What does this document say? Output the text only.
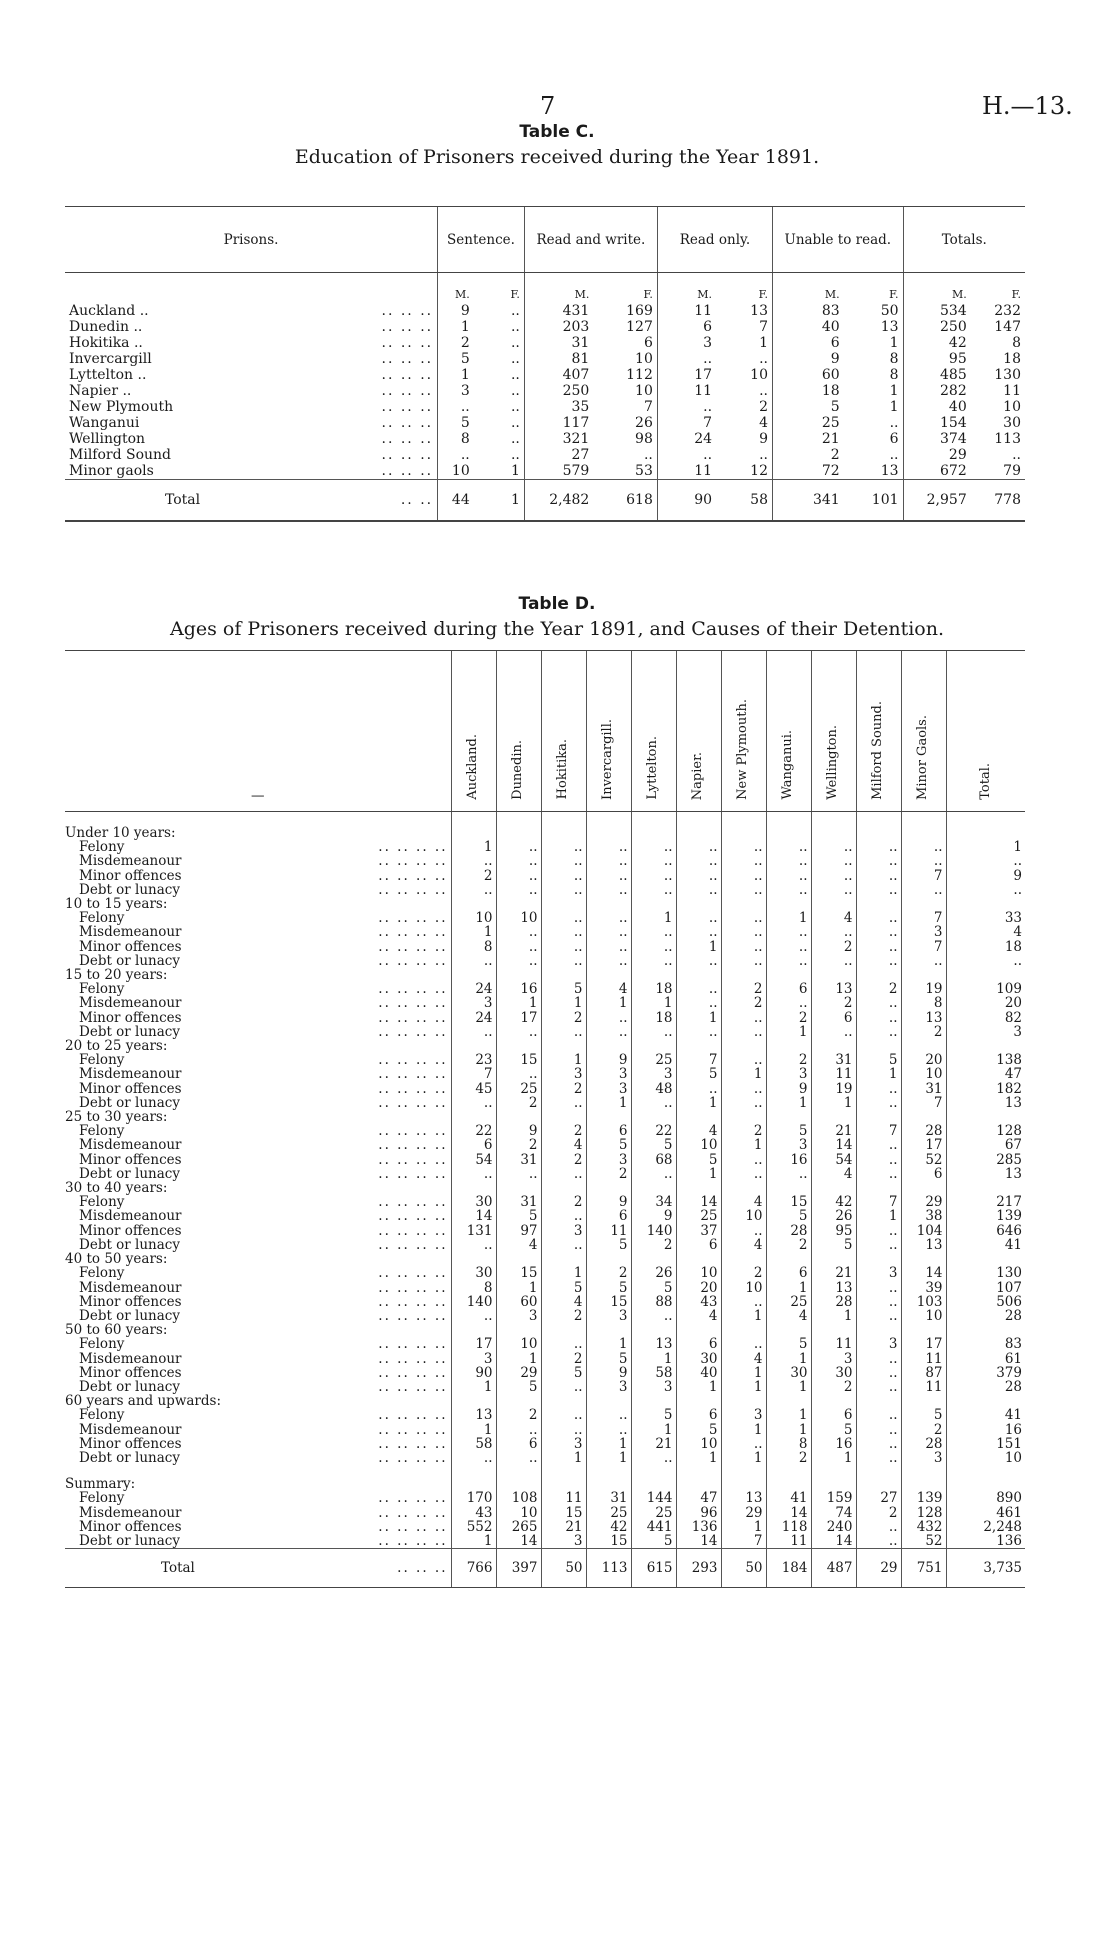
7	H.—13.
Table C.
Education of Prisoners received during the Year 1891.
Prisons.		Sentence.		Read and write.		Read only.		Unable to read.		Totals.	
		M.	F.	M.	F.	M.	F.	M.	F.	M.	F.
Auckland ..	.. .. ..	9	..	431	169	11	13	83	50	534	232
Dunedin ..	.. .. ..	1	..	203	127	6	7	40	13	250	147
Hokitika ..	.. .. ..	2	..	31	6	3	1	6	1	42	8
Invercargill	.. .. ..	5	..	81	10	..	..	9	8	95	18
Lyttelton ..	.. .. ..	1	..	407	112	17	10	60	8	485	130
Napier ..	.. .. ..	3	..	250	10	11	..	18	1	282	11
New Plymouth	.. .. ..	..	..	35	7	..	2	5	1	40	10
Wanganui	.. .. ..	5	..	117	26	7	4	25	..	154	30
Wellington	.. .. ..	8	..	321	98	24	9	21	6	374	113
Milford Sound	.. .. ..	..	..	27	..	..	..	2	..	29	..
Minor gaols	.. .. ..	10	1	579	53	11	12	72	13	672	79
Total	.. ..	44	1	2,482	618	90	58	341	101	2,957	778
Table D.
Ages of Prisoners received during the Year 1891, and Causes of their Detention.
—		Auckland.	Dunedin.	Hokitika.	Invercargill.	Lyttelton.	Napier.	New Plymouth.	Wanganui.	Wellington.	Milford Sound.	Minor Gaols.	Total.
Under 10 years:													
Felony	.. .. .. ..	1	..	..	..	..	..	..	..	..	..	..	1
Misdemeanour	.. .. .. ..	..	..	..	..	..	..	..	..	..	..	..	..
Minor offences	.. .. .. ..	2	..	..	..	..	..	..	..	..	..	7	9
Debt or lunacy	.. .. .. ..	..	..	..	..	..	..	..	..	..	..	..	..
10 to 15 years:													
Felony	.. .. .. ..	10	10	..	..	1	..	..	1	4	..	7	33
Misdemeanour	.. .. .. ..	1	..	..	..	..	..	..	..	..	..	3	4
Minor offences	.. .. .. ..	8	..	..	..	..	1	..	..	2	..	7	18
Debt or lunacy	.. .. .. ..	..	..	..	..	..	..	..	..	..	..	..	..
15 to 20 years:													
Felony	.. .. .. ..	24	16	5	4	18	..	2	6	13	2	19	109
Misdemeanour	.. .. .. ..	3	1	1	1	1	..	2	..	2	..	8	20
Minor offences	.. .. .. ..	24	17	2	..	18	1	..	2	6	..	13	82
Debt or lunacy	.. .. .. ..	..	..	..	..	..	..	..	1	..	..	2	3
20 to 25 years:													
Felony	.. .. .. ..	23	15	1	9	25	7	..	2	31	5	20	138
Misdemeanour	.. .. .. ..	7	..	3	3	3	5	1	3	11	1	10	47
Minor offences	.. .. .. ..	45	25	2	3	48	..	..	9	19	..	31	182
Debt or lunacy	.. .. .. ..	..	2	..	1	..	1	..	1	1	..	7	13
25 to 30 years:													
Felony	.. .. .. ..	22	9	2	6	22	4	2	5	21	7	28	128
Misdemeanour	.. .. .. ..	6	2	4	5	5	10	1	3	14	..	17	67
Minor offences	.. .. .. ..	54	31	2	3	68	5	..	16	54	..	52	285
Debt or lunacy	.. .. .. ..	..	..	..	2	..	1	..	..	4	..	6	13
30 to 40 years:													
Felony	.. .. .. ..	30	31	2	9	34	14	4	15	42	7	29	217
Misdemeanour	.. .. .. ..	14	5	..	6	9	25	10	5	26	1	38	139
Minor offences	.. .. .. ..	131	97	3	11	140	37	..	28	95	..	104	646
Debt or lunacy	.. .. .. ..	..	4	..	5	2	6	4	2	5	..	13	41
40 to 50 years:													
Felony	.. .. .. ..	30	15	1	2	26	10	2	6	21	3	14	130
Misdemeanour	.. .. .. ..	8	1	5	5	5	20	10	1	13	..	39	107
Minor offences	.. .. .. ..	140	60	4	15	88	43	..	25	28	..	103	506
Debt or lunacy	.. .. .. ..	..	3	2	3	..	4	1	4	1	..	10	28
50 to 60 years:													
Felony	.. .. .. ..	17	10	..	1	13	6	..	5	11	3	17	83
Misdemeanour	.. .. .. ..	3	1	2	5	1	30	4	1	3	..	11	61
Minor offences	.. .. .. ..	90	29	5	9	58	40	1	30	30	..	87	379
Debt or lunacy	.. .. .. ..	1	5	..	3	3	1	1	1	2	..	11	28
60 years and upwards:													
Felony	.. .. .. ..	13	2	..	..	5	6	3	1	6	..	5	41
Misdemeanour	.. .. .. ..	1	..	..	..	1	5	1	1	5	..	2	16
Minor offences	.. .. .. ..	58	6	3	1	21	10	..	8	16	..	28	151
Debt or lunacy	.. .. .. ..	..	..	1	1	..	1	1	2	1	..	3	10
Summary:													
Felony	.. .. .. ..	170	108	11	31	144	47	13	41	159	27	139	890
Misdemeanour	.. .. .. ..	43	10	15	25	25	96	29	14	74	2	128	461
Minor offences	.. .. .. ..	552	265	21	42	441	136	1	118	240	..	432	2,248
Debt or lunacy	.. .. .. ..	1	14	3	15	5	14	7	11	14	..	52	136
Total	.. .. ..	766	397	50	113	615	293	50	184	487	29	751	3,735
